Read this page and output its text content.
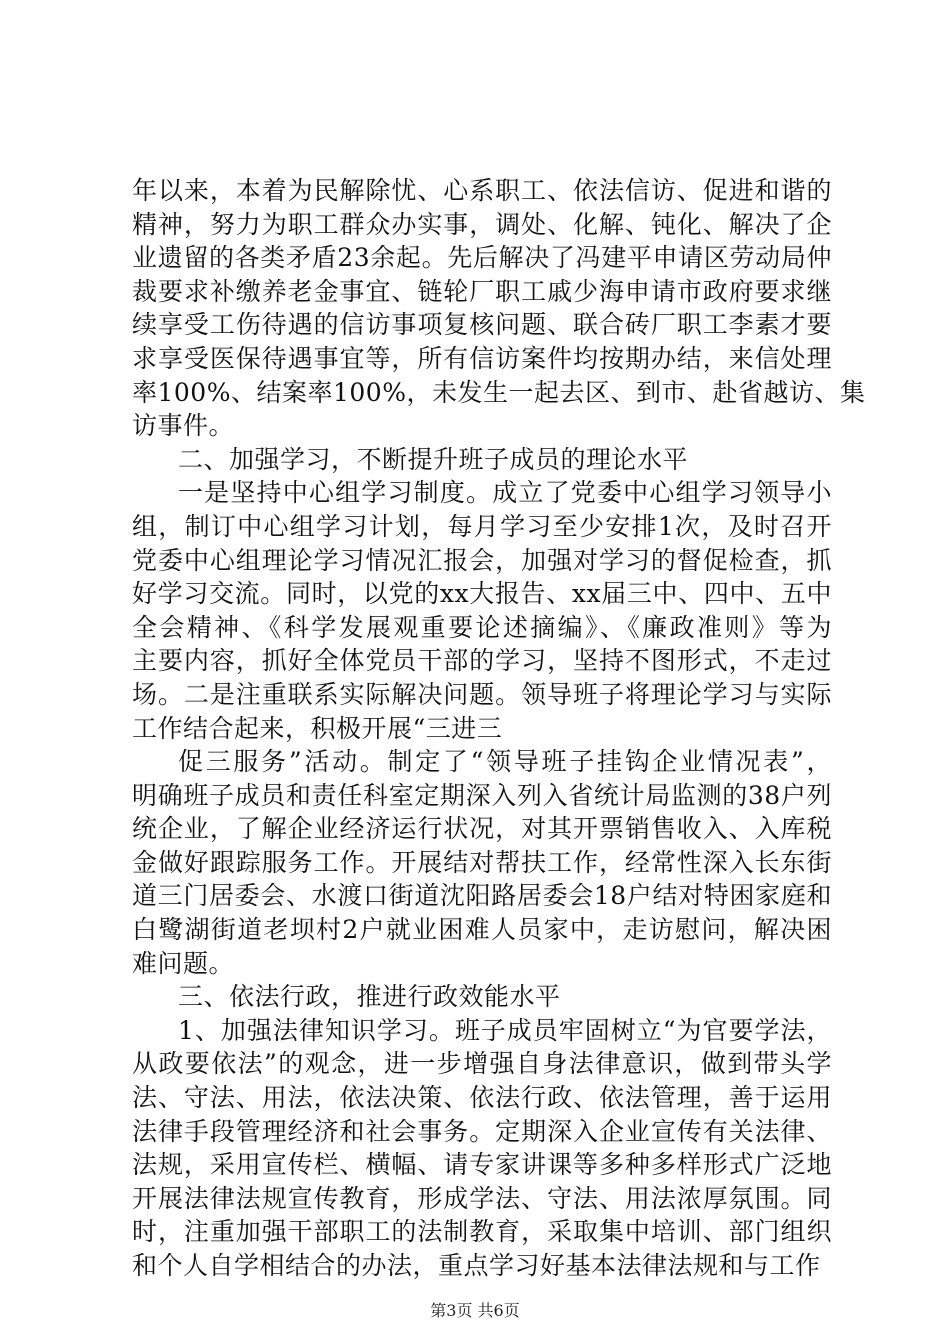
年以来，本着为民解除忧、心系职工、依法信访、促进和谐的
精神，努力为职工群众办实事，调处、化解、钝化、解决了企
业遗留的各类矛盾23余起。先后解决了冯建平申请区劳动局仲
裁要求补缴养老金事宜、链轮厂职工戚少海申请市政府要求继
续享受工伤待遇的信访事项复核问题、联合砖厂职工李素才要
求享受医保待遇事宜等，所有信访案件均按期办结，来信处理
率100%、结案率100%，未发生一起去区、到市、赴省越访、集
访事件。
二、加强学习，不断提升班子成员的理论水平
一是坚持中心组学习制度。成立了党委中心组学习领导小
组，制订中心组学习计划，每月学习至少安排1次，及时召开
党委中心组理论学习情况汇报会，加强对学习的督促检查，抓
好学习交流。同时，以党的xx大报告、xx届三中、四中、五中
全会精神、《科学发展观重要论述摘编》、《廉政准则》等为
主要内容，抓好全体党员干部的学习，坚持不图形式，不走过
场。二是注重联系实际解决问题。领导班子将理论学习与实际
工作结合起来，积极开展“三进三
促三服务”活动。制定了“领导班子挂钩企业情况表”，
明确班子成员和责任科室定期深入列入省统计局监测的38户列
统企业，了解企业经济运行状况，对其开票销售收入、入库税
金做好跟踪服务工作。开展结对帮扶工作，经常性深入长东街
道三门居委会、水渡口街道沈阳路居委会18户结对特困家庭和
白鹭湖街道老坝村2户就业困难人员家中，走访慰问，解决困
难问题。
三、依法行政，推进行政效能水平
1、加强法律知识学习。班子成员牢固树立“为官要学法，
从政要依法”的观念，进一步增强自身法律意识，做到带头学
法、守法、用法，依法决策、依法行政、依法管理，善于运用
法律手段管理经济和社会事务。定期深入企业宣传有关法律、
法规，采用宣传栏、横幅、请专家讲课等多种多样形式广泛地
开展法律法规宣传教育，形成学法、守法、用法浓厚氛围。同
时，注重加强干部职工的法制教育，采取集中培训、部门组织
和个人自学相结合的办法，重点学习好基本法律法规和与工作
第3页 共6页
